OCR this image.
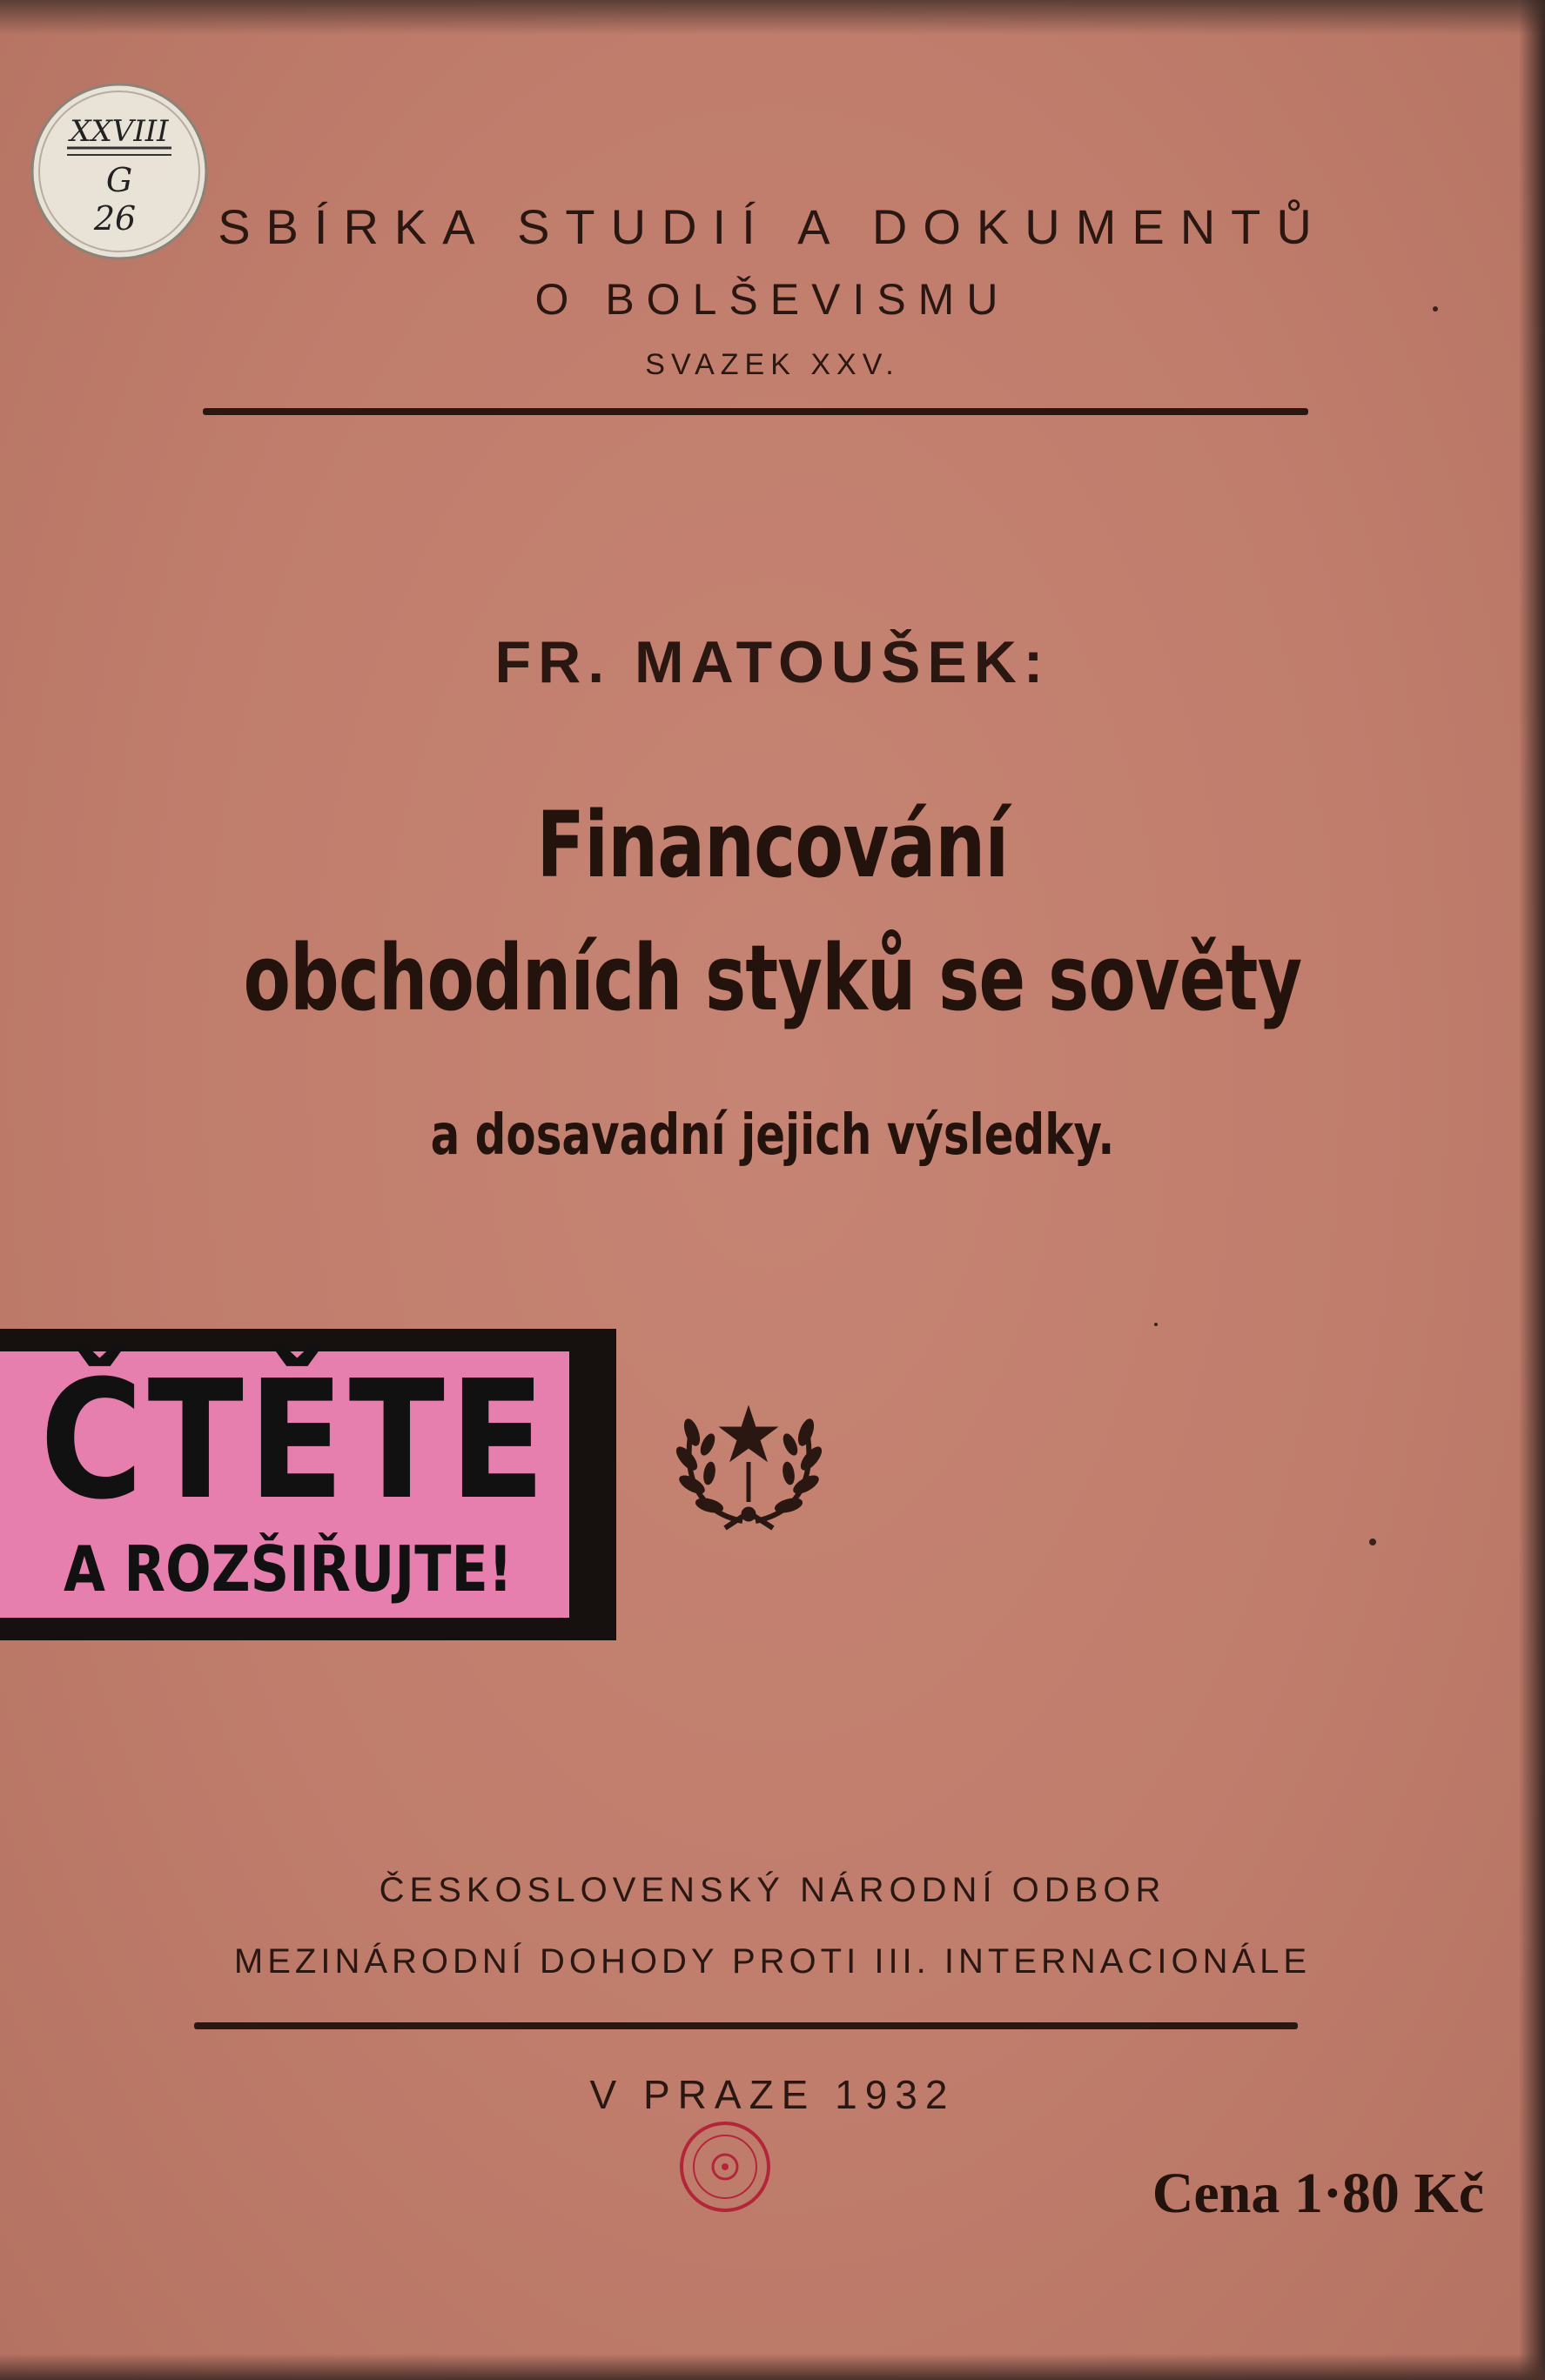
XXVIII
G
26	SBÍRKA STUDIÍ A DOKUMENTŮ
O BOLŠEVISMU
SVAZEK XXV.
FR. MATOUŠEK:
Financování
obchodních styků se sověty
a dosavadní jejich výsledky.
ČTĚTE
A ROZŠIŘUJTE!
ČESKOSLOVENSKÝ NÁRODNÍ ODBOR
MEZINÁRODNÍ DOHODY PROTI III. INTERNACIONÁLE
V PRAZE 1932
Cena 1·80 Kč
